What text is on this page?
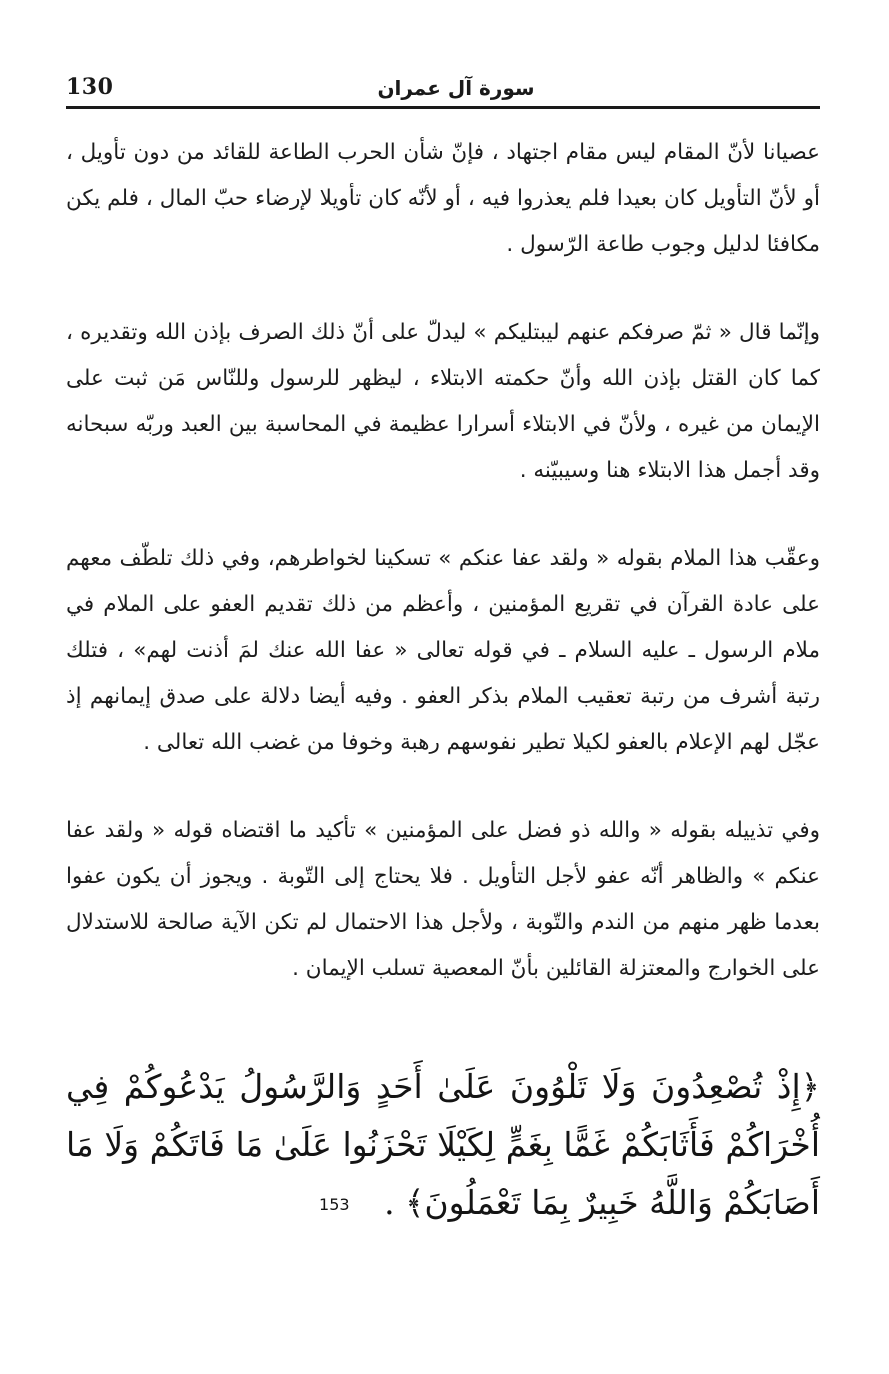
130	سورة آل عمران

عصيانا لأنّ المقام ليس مقام اجتهاد ، فإنّ شأن الحرب الطاعة للقائد من دون تأويل ، أو لأنّ التأويل كان بعيدا فلم يعذروا فيه ، أو لأنّه كان تأويلا لإرضاء حبّ المال ، فلم يكن مكافئا لدليل وجوب طاعة الرّسول .

وإنّما قال « ثمّ صرفكم عنهم ليبتليكم » ليدلّ على أنّ ذلك الصرف بإذن الله وتقديره ، كما كان القتل بإذن الله وأنّ حكمته الابتلاء ، ليظهر للرسول وللنّاس مَن ثبت على الإيمان من غيره ، ولأنّ في الابتلاء أسرارا عظيمة في المحاسبة بين العبد وربّه سبحانه وقد أجمل هذا الابتلاء هنا وسيبيّنه .

وعقّب هذا الملام بقوله « ولقد عفا عنكم » تسكينا لخواطرهم، وفي ذلك تلطّف معهم على عادة القرآن في تقريع المؤمنين ، وأعظم من ذلك تقديم العفو على الملام في ملام الرسول ـ عليه السلام ـ في قوله تعالى « عفا الله عنك لمَ أذنت لهم» ، فتلك رتبة أشرف من رتبة تعقيب الملام بذكر العفو . وفيه أيضا دلالة على صدق إيمانهم إذ عجّل لهم الإعلام بالعفو لكيلا تطير نفوسهم رهبة وخوفا من غضب الله تعالى .

وفي تذييله بقوله « والله ذو فضل على المؤمنين » تأكيد ما اقتضاه قوله « ولقد عفا عنكم » والظاهر أنّه عفو لأجل التأويل . فلا يحتاج إلى التّوبة . ويجوز أن يكون عفوا بعدما ظهر منهم من الندم والتّوبة ، ولأجل هذا الاحتمال لم تكن الآية صالحة للاستدلال على الخوارج والمعتزلة القائلين بأنّ المعصية تسلب الإيمان .

﴿إِذْ تُصْعِدُونَ وَلَا تَلْوُونَ عَلَىٰ أَحَدٍ وَالرَّسُولُ يَدْعُوكُمْ فِي أُخْرَاكُمْ فَأَثَابَكُمْ غَمًّا بِغَمٍّ لِكَيْلَا تَحْزَنُوا عَلَىٰ مَا فَاتَكُمْ وَلَا مَا أَصَابَكُمْ وَاللَّهُ خَبِيرٌ بِمَا تَعْمَلُونَ﴾ . 153
